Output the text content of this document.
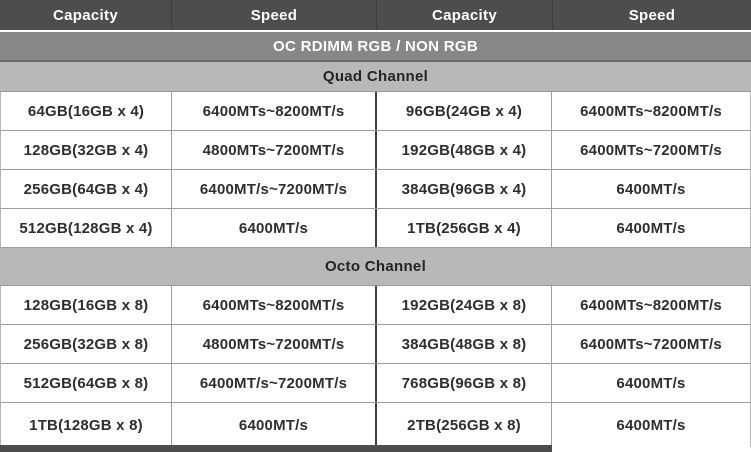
Capacity	Speed	Capacity	Speed
OC RDIMM RGB / NON RGB
Quad Channel
64GB(16GB x 4)	6400MTs~8200MT/s	96GB(24GB x 4)	6400MTs~8200MT/s
128GB(32GB x 4)	4800MTs~7200MT/s	192GB(48GB x 4)	6400MTs~7200MT/s
256GB(64GB x 4)	6400MT/s~7200MT/s	384GB(96GB x 4)	6400MT/s
512GB(128GB x 4)	6400MT/s	1TB(256GB x 4)	6400MT/s
Octo Channel
128GB(16GB x 8)	6400MTs~8200MT/s	192GB(24GB x 8)	6400MTs~8200MT/s
256GB(32GB x 8)	4800MTs~7200MT/s	384GB(48GB x 8)	6400MTs~7200MT/s
512GB(64GB x 8)	6400MT/s~7200MT/s	768GB(96GB x 8)	6400MT/s
1TB(128GB x 8)	6400MT/s	2TB(256GB x 8)	6400MT/s
